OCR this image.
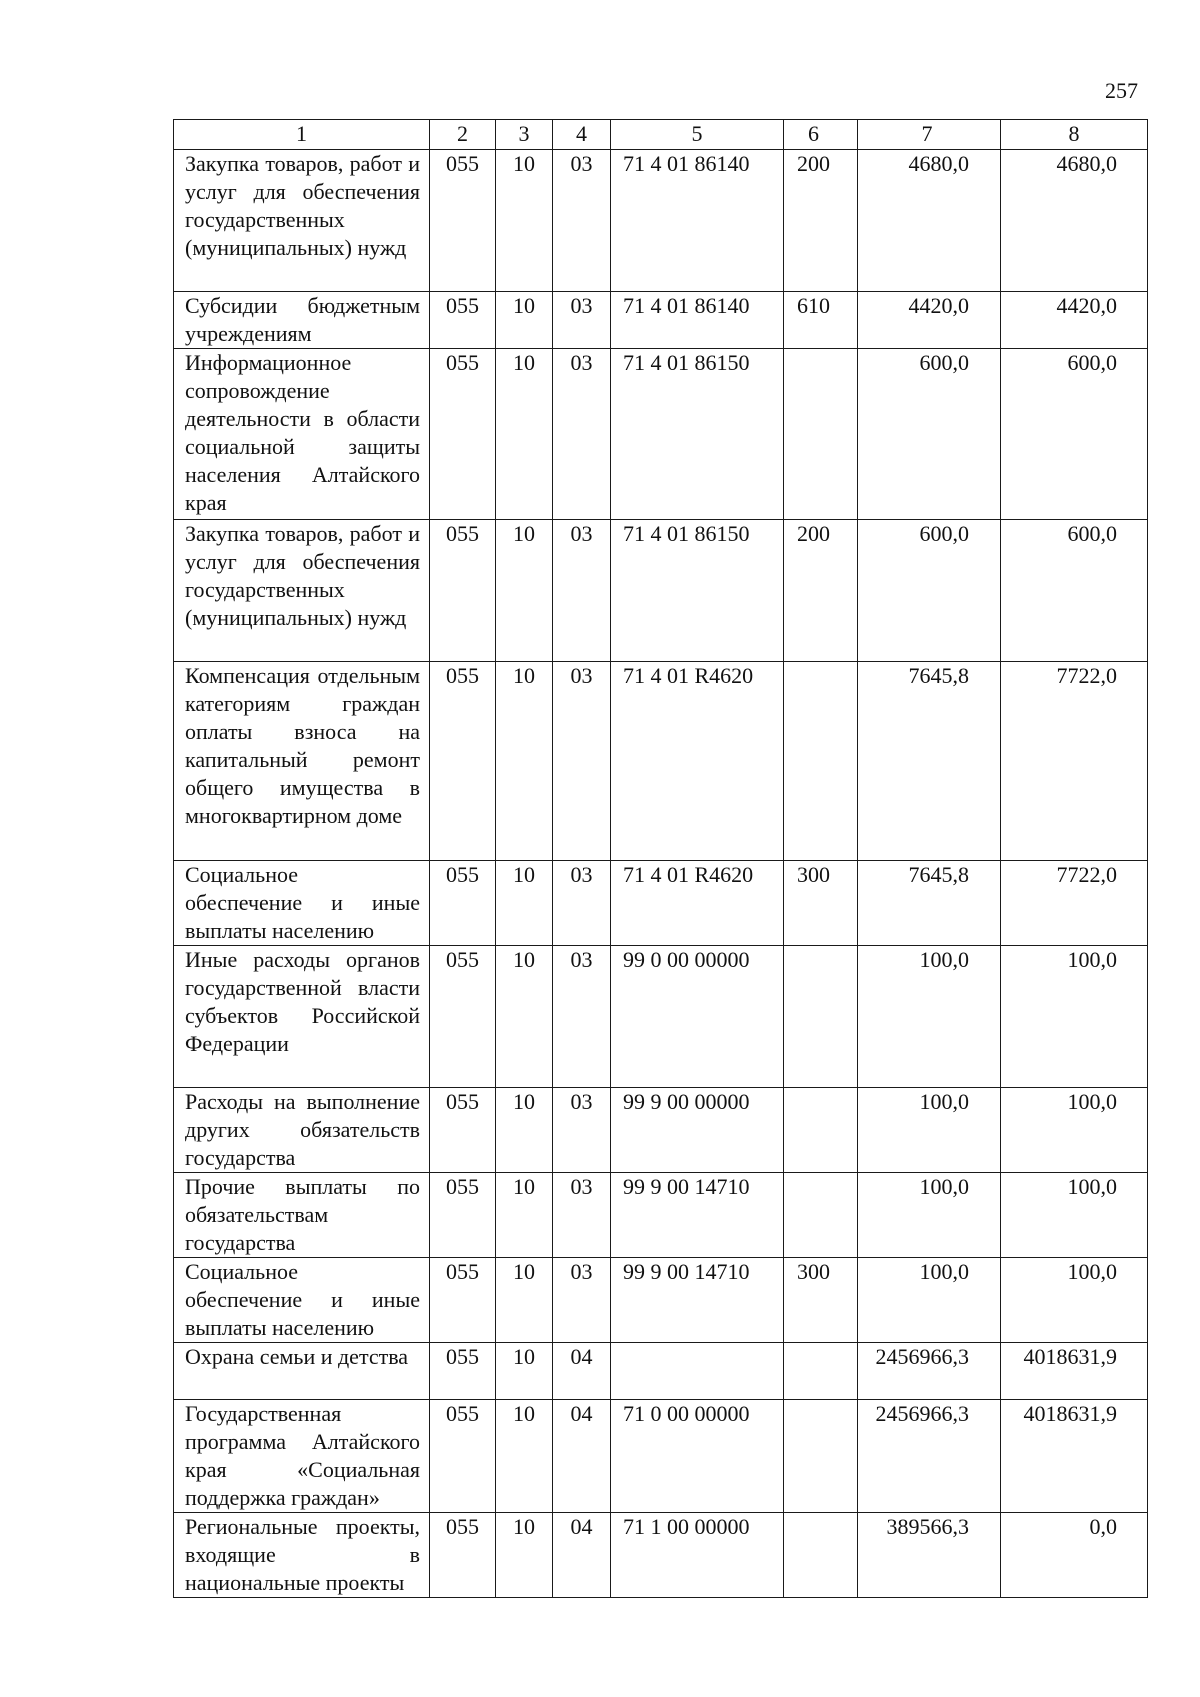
257
1	2	3	4	5	6	7	8
Закупка товаров, работ и услуг для обеспечения государственных (муниципальных) нужд	055	10	03	71 4 01 86140	200	4680,0	4680,0
Субсидии бюджетным учреждениям	055	10	03	71 4 01 86140	610	4420,0	4420,0
Информационное сопровождение деятельности в области социальной защиты населения Алтайского края	055	10	03	71 4 01 86150		600,0	600,0
Закупка товаров, работ и услуг для обеспечения государственных (муниципальных) нужд	055	10	03	71 4 01 86150	200	600,0	600,0
Компенсация отдельным категориям граждан оплаты взноса на капитальный ремонт общего имущества в многоквартирном доме	055	10	03	71 4 01 R4620		7645,8	7722,0
Социальное обеспечение и иные выплаты населению	055	10	03	71 4 01 R4620	300	7645,8	7722,0
Иные расходы органов государственной власти субъектов Российской Федерации	055	10	03	99 0 00 00000		100,0	100,0
Расходы на выполнение других обязательств государства	055	10	03	99 9 00 00000		100,0	100,0
Прочие выплаты по обязательствам государства	055	10	03	99 9 00 14710		100,0	100,0
Социальное обеспечение и иные выплаты населению	055	10	03	99 9 00 14710	300	100,0	100,0
Охрана семьи и детства	055	10	04			2456966,3	4018631,9
Государственная программа Алтайского края «Социальная поддержка граждан»	055	10	04	71 0 00 00000		2456966,3	4018631,9
Региональные проекты, входящие в национальные проекты	055	10	04	71 1 00 00000		389566,3	0,0
